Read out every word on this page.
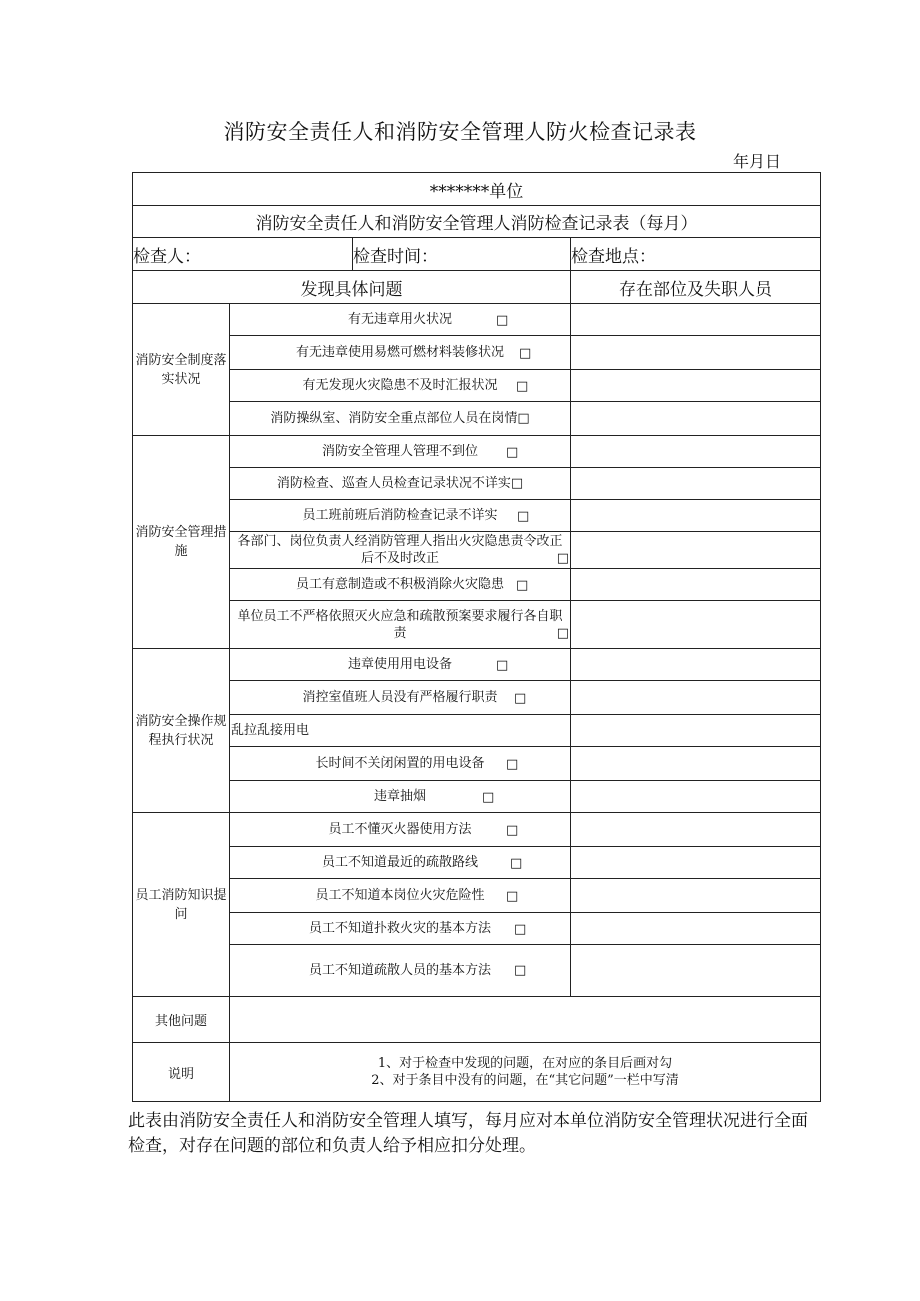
消防安全责任人和消防安全管理人防火检查记录表
年月日
*******单位			
消防安全责任人和消防安全管理人消防检查记录表（每月）			
检查人：		检查时间：	检查地点：
发现具体问题			存在部位及失职人员
消防安全制度落实状况	有无违章用火状况 □		

	有无违章使用易燃可燃材料装修状况 □		

	有无发现火灾隐患不及时汇报状况 □		

	消防操纵室、消防安全重点部位人员在岗情□		
消防安全管理措施	消防安全管理人管理不到位 □		

	消防检查、巡查人员检查记录状况不详实□		
	员工班前班后消防检查记录不详实 □		

	各部门、岗位负责人经消防管理人指出火灾隐患责令改正后不及时改正 □		

	员工有意制造或不积极消除火灾隐患 □		

	单位员工不严格依照灭火应急和疏散预案要求履行各自职责 □		

消防安全操作规程执行状况	违章使用用电设备 □		

	消控室值班人员没有严格履行职责 □		

	乱拉乱接用电		
	长时间不关闭闲置的用电设备 □		

	违章抽烟 □		

员工消防知识提问	员工不懂灭火器使用方法 □		

	员工不知道最近的疏散路线 □		

	员工不知道本岗位火灾危险性 □		

	员工不知道扑救火灾的基本方法 □		

	员工不知道疏散人员的基本方法 □		

其他问题			
说明	1、对于检查中发现的问题，在对应的条目后画对勾
2、对于条目中没有的问题，在“其它问题”一栏中写清		
此表由消防安全责任人和消防安全管理人填写，每月应对本单位消防安全管理状况进行全面检查，对存在问题的部位和负责人给予相应扣分处理。
